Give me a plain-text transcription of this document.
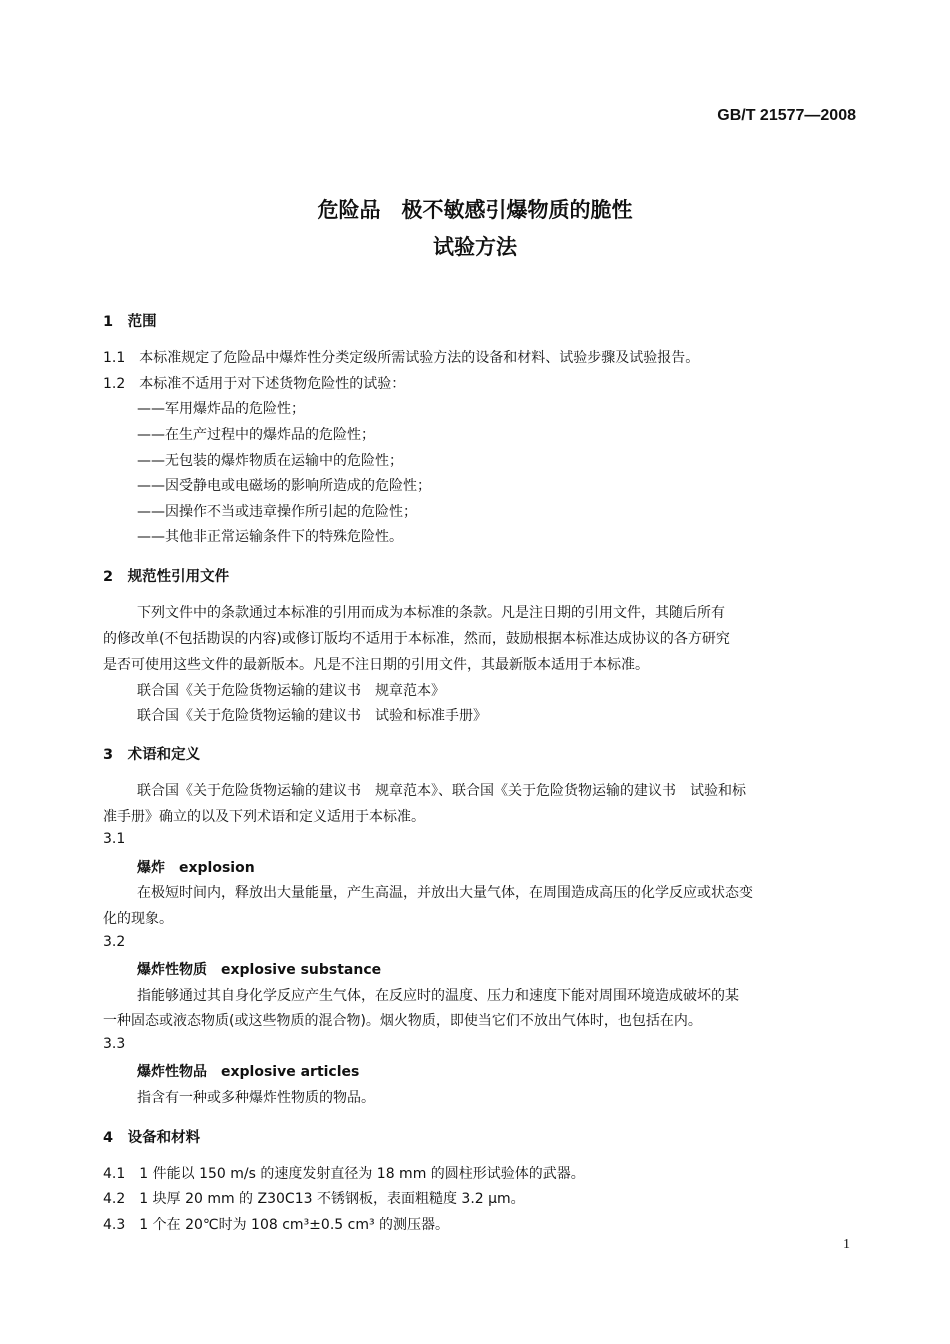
GB/T 21577—2008
危险品　极不敏感引爆物质的脆性
试验方法
1　范围
1.1　本标准规定了危险品中爆炸性分类定级所需试验方法的设备和材料、试验步骤及试验报告。
1.2　本标准不适用于对下述货物危险性的试验：
——军用爆炸品的危险性；
——在生产过程中的爆炸品的危险性；
——无包装的爆炸物质在运输中的危险性；
——因受静电或电磁场的影响所造成的危险性；
——因操作不当或违章操作所引起的危险性；
——其他非正常运输条件下的特殊危险性。
2　规范性引用文件
下列文件中的条款通过本标准的引用而成为本标准的条款。凡是注日期的引用文件，其随后所有
的修改单(不包括勘误的内容)或修订版均不适用于本标准，然而，鼓励根据本标准达成协议的各方研究
是否可使用这些文件的最新版本。凡是不注日期的引用文件，其最新版本适用于本标准。
联合国《关于危险货物运输的建议书　规章范本》
联合国《关于危险货物运输的建议书　试验和标准手册》
3　术语和定义
联合国《关于危险货物运输的建议书　规章范本》、联合国《关于危险货物运输的建议书　试验和标
准手册》确立的以及下列术语和定义适用于本标准。
3.1
爆炸　explosion
在极短时间内，释放出大量能量，产生高温，并放出大量气体，在周围造成高压的化学反应或状态变
化的现象。
3.2
爆炸性物质　explosive substance
指能够通过其自身化学反应产生气体，在反应时的温度、压力和速度下能对周围环境造成破坏的某
一种固态或液态物质(或这些物质的混合物)。烟火物质，即使当它们不放出气体时，也包括在内。
3.3
爆炸性物品　explosive articles
指含有一种或多种爆炸性物质的物品。
4　设备和材料
4.1　1 件能以 150 m/s 的速度发射直径为 18 mm 的圆柱形试验体的武器。
4.2　1 块厚 20 mm 的 Z30C13 不锈钢板，表面粗糙度 3.2 μm。
4.3　1 个在 20℃时为 108 cm³±0.5 cm³ 的测压器。
1
